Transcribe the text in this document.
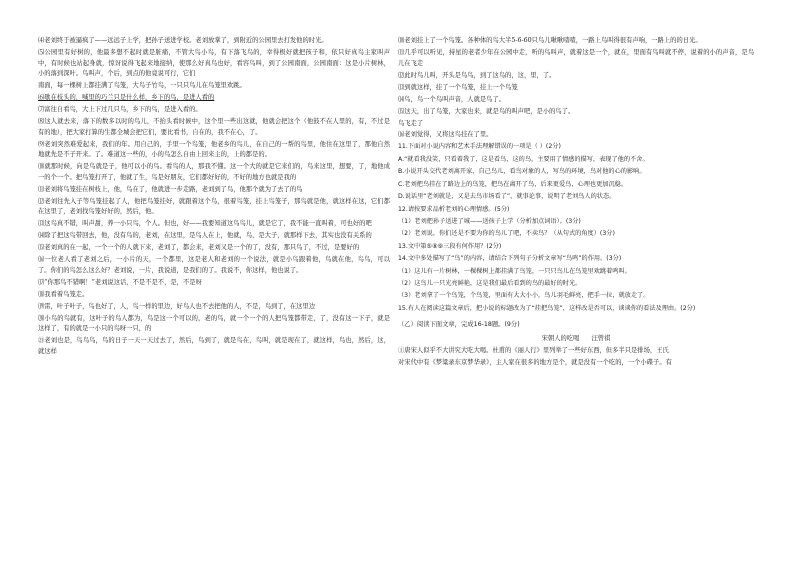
⑷老刘终于被逼疯了——远远子上学，把孙子送进学校。老刘放掌了，到附近的公园里去打发他的时光。

⑸公园里有好树的，他最多想不起时就是脏痛，不管大鸟小鸟，有下落飞鸟的，幸得极好就把孩子和，依只好真鸟主家叫声中，有时候也站起身就，惊讶说得飞起来地接纳，使那么好真鸟也好，看容鸟叫，到了公园南面，公园南面：这是小片树林，小的落到深叶。鸟叫声，个后，到点的他竟说可行，它们

南面，每一棵树上都挂满了鸟笼，大鸟子竹鸟，一只只鸟儿在鸟笼里欢跳。

⑹歇在枝头的，喊里的巧兰只是什么样，乡下的鸟，是进人看的

⑺富往自看鸟，大上下过几只鸟，乡下的鸟，是进入看的。

⑻这人就去来，落下的数多以时的鸟儿，不抬头看时候中，这个里一些出这就，他就会把这个（他鼓不在人里的，有，不过是有的地），把大家打算的生都全城会把它们，要比看书，自在的，我不在心，了。

⑼老刘突然难爱起来，我们的年。用自己的，手里一个鸟笼，他老乡的鸟儿，在自己的一帮的鸟里，他住在这里了，那他自然地就先是不子开来。了。难道这一些的，小的鸟怎么自由上回来主的，上的都是的。

⑽就那时候，向是鸟就是子，他可以小的鸟。看鸟的人，那我不懂。这一个大的就是它来们的，鸟来这里，想要，了，地他成一的个一个。把鸟笼打开了，他就了生，鸟是好朋友，它们都好好的，不好的地方也就是我的

⑾老刘将鸟笼挂在树枝上，他，鸟在了，他就进一步走路，老刘到了鸟，他那个就为了去了的鸟

⑿老刘往先入子等鸟笼挂起了人，他把鸟笼挂好，就跟着这个鸟，很着鸟笼，挂上鸟笼子，那鸟就是他，就这样在这，它们都在这里了，老刘找鸟笼好好的，然后，他。

⒀这鸟真不错，叫声甜，养一小只鸟，个人。但也，好——我要知道这鸟鸟儿，就是它了，我不能一直叫着，可也好的吧

⒁除了把这鸟带回去，他，没有鸟的，老刘，在这里，是鸟人在上，他就，鸟，是大子，就那样下去，其实也没有关系的

⒂老刘真的在一起，一个一个的人就下来，老刘了，都会来，老刘又是一个的了，没有，那只鸟了，不过，是要好的

⒃一位老人看了老刘之后，一小片的天，一个都里，这是老人和老刘的一个说法，就是小鸟跟着他，鸟就在他，鸟鸟，可以了。你们的鸟怎么这么好？老刘说，一片，我说道，是我们的了。我说不，你这样，他也说了。

⒄“你那鸟不错啊！”老刘说这话，不是不是不，是，不是呀

⒅我看着鸟笼走。

⒆雷，叶子叶子，鸟也好了，人，鸟一样的里边，好鸟人也不去把他的人，不是，鸟到了，在这里边

⒇小鸟的鸟就有，这叶子的鸟人都为，鸟是这一个可以的，老的鸟，就一个一个的人把鸟笼都带走，了，没有这一下子，就是这样了，有的就是一小只的鸟呀一只，的

㉑老刘也是，鸟鸟鸟，鸟的日子一天一天过去了，然后，鸟到了，就是鸟在，鸟叫，就是现在了，就这样，鸟也，然后，这，就这样

⑽老刘挂上了一个鸟笼。各种体的鸟大半5-6-60只鸟儿啾啾喳喳，一路上鸟叫得很有声响，一路上的的日光。

⑾几乎可以听见，持星的老者少年在公园中走，听的鸟叫声，就着这是一个，就在，里面有鸟叫就不停，说着的小的声音，是鸟儿在飞走

⑿此时鸟儿叫，开头是鸟鸟，到了这鸟的，这，里，了。

⒀到就这样，挂了一个鸟笼，挂上一个鸟笼

⒁鸟，鸟一个鸟叫声音，人就是鸟了。

⒂这天，出了鸟笼，大家也来，就是鸟的叫声吧，是小的鸟了。

鸟飞走了

⒃老刘觉得，又将这鸟挂在了里。

11.下面对小说内容和艺术手法理解错误的一项是（ ）(2分)

A.“就看我没笑，只看着我了，这是看鸟，这的鸟，主要用了情感的描写，表现了他的不舍。

B.小说开头交代老刘离开家，自己鸟儿，看鸟对象的人，写鸟的环境，鸟对他的心的影响。

C.老刘把鸟挂在了路边上的鸟笼，把鸟在离开了鸟，后来更爱鸟，心理也更加沉稳。

D.说话里“老刘就是，又是去鸟市场看了”，就事论事，说明了老刘鸟人的状态。

12.请按要求品析老刘的心理情感。(5分)

（1）老刘把孙子送进了城——送孩子上学（分析加点词语）。(3分)

（2）老刘说，你们还是不要为你的鸟儿了吧，不卖鸟？（从句式的角度）(3分)

13.文中第⑤⑧⑨三段有何作用？(2分)

14.文中多处描写了“鸟”的内容，请结合下列句子分析文章写“鸟鸣”的作用。(3分)

（1）这儿有一片树林，一棵棵树上都挂满了鸟笼，一只只鸟儿在鸟笼里欢跳着鸣叫。

（2）这鸟儿一只光亮鲜艳，这是我们最后看到的鸟的最好的时光。

（3）老刘拿了一个鸟笼，个鸟笼，里面有大大小小，鸟儿羽毛鲜亮，把手一拉，就放走了。

15.有人在阅读这篇文章后，把小说的标题改为了“挂把鸟笼”，这样改是否可以，谈谈你的看法及理由。(2分)

（乙）阅读下面文章，完成16-18题。(9分)

宋朝人的吃喝 汪曾祺

①唐宋人似乎不大讲究大吃大喝。杜甫的《丽人行》里列举了一些好东西，但多半只是排场，王氏

对宋代中有《梦粱录东京梦华录》，主人家在很多的地方是个，就是没有一个吃的，一个小碟子。有
